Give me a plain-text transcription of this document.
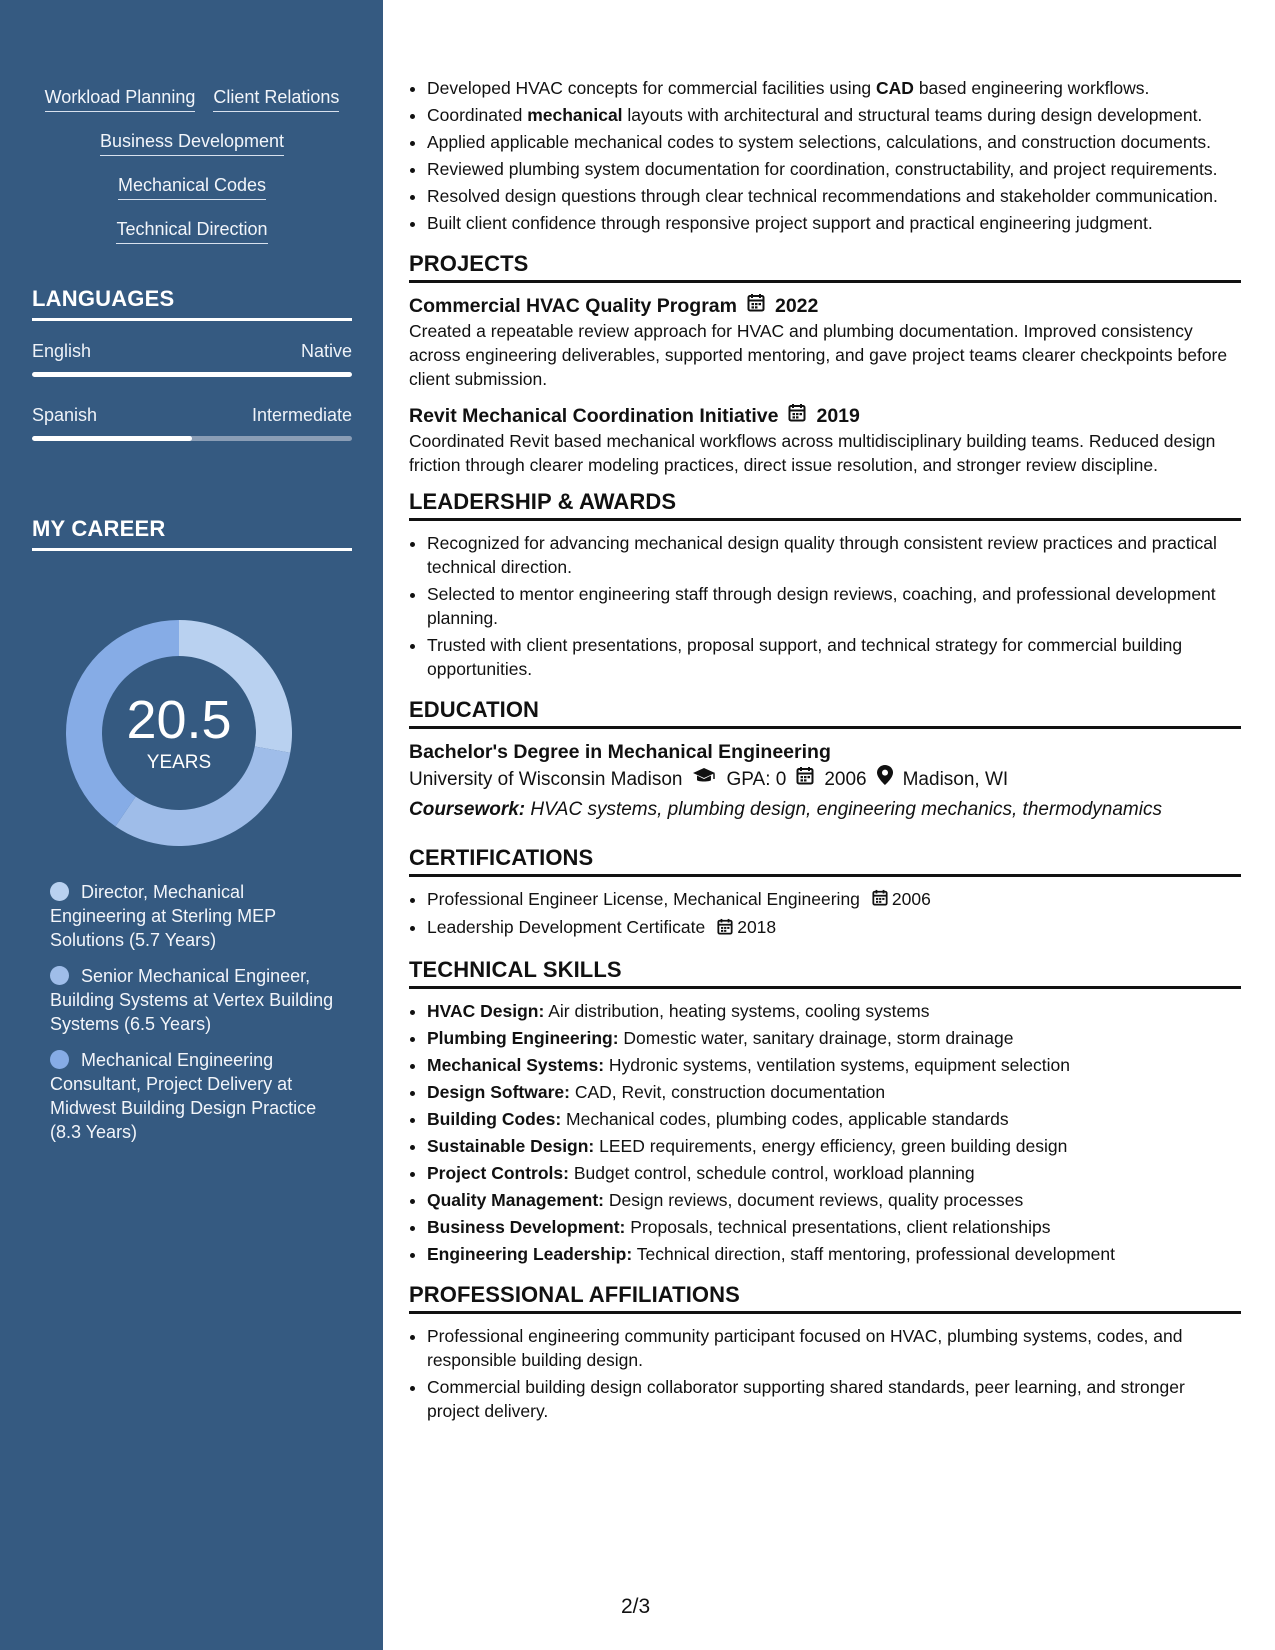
Workload Planning Client Relations
Business Development
Mechanical Codes
Technical Direction
LANGUAGES
English	Native
Spanish	Intermediate
MY CAREER
20.5
YEARS
Director, Mechanical Engineering at Sterling MEP Solutions (5.7 Years)
Senior Mechanical Engineer, Building Systems at Vertex Building Systems (6.5 Years)
Mechanical Engineering Consultant, Project Delivery at Midwest Building Design Practice (8.3 Years)
• Developed HVAC concepts for commercial facilities using CAD based engineering workflows.
• Coordinated mechanical layouts with architectural and structural teams during design development.
• Applied applicable mechanical codes to system selections, calculations, and construction documents.
• Reviewed plumbing system documentation for coordination, constructability, and project requirements.
• Resolved design questions through clear technical recommendations and stakeholder communication.
• Built client confidence through responsive project support and practical engineering judgment.
PROJECTS
Commercial HVAC Quality Program 2022
Created a repeatable review approach for HVAC and plumbing documentation. Improved consistency across engineering deliverables, supported mentoring, and gave project teams clearer checkpoints before client submission.
Revit Mechanical Coordination Initiative 2019
Coordinated Revit based mechanical workflows across multidisciplinary building teams. Reduced design friction through clearer modeling practices, direct issue resolution, and stronger review discipline.
LEADERSHIP & AWARDS
• Recognized for advancing mechanical design quality through consistent review practices and practical technical direction.
• Selected to mentor engineering staff through design reviews, coaching, and professional development planning.
• Trusted with client presentations, proposal support, and technical strategy for commercial building opportunities.
EDUCATION
Bachelor's Degree in Mechanical Engineering
University of Wisconsin Madison GPA: 0 2006 Madison, WI
Coursework: HVAC systems, plumbing design, engineering mechanics, thermodynamics
CERTIFICATIONS
• Professional Engineer License, Mechanical Engineering 2006
• Leadership Development Certificate 2018
TECHNICAL SKILLS
• HVAC Design: Air distribution, heating systems, cooling systems
• Plumbing Engineering: Domestic water, sanitary drainage, storm drainage
• Mechanical Systems: Hydronic systems, ventilation systems, equipment selection
• Design Software: CAD, Revit, construction documentation
• Building Codes: Mechanical codes, plumbing codes, applicable standards
• Sustainable Design: LEED requirements, energy efficiency, green building design
• Project Controls: Budget control, schedule control, workload planning
• Quality Management: Design reviews, document reviews, quality processes
• Business Development: Proposals, technical presentations, client relationships
• Engineering Leadership: Technical direction, staff mentoring, professional development
PROFESSIONAL AFFILIATIONS
• Professional engineering community participant focused on HVAC, plumbing systems, codes, and responsible building design.
• Commercial building design collaborator supporting shared standards, peer learning, and stronger project delivery.
2/3
